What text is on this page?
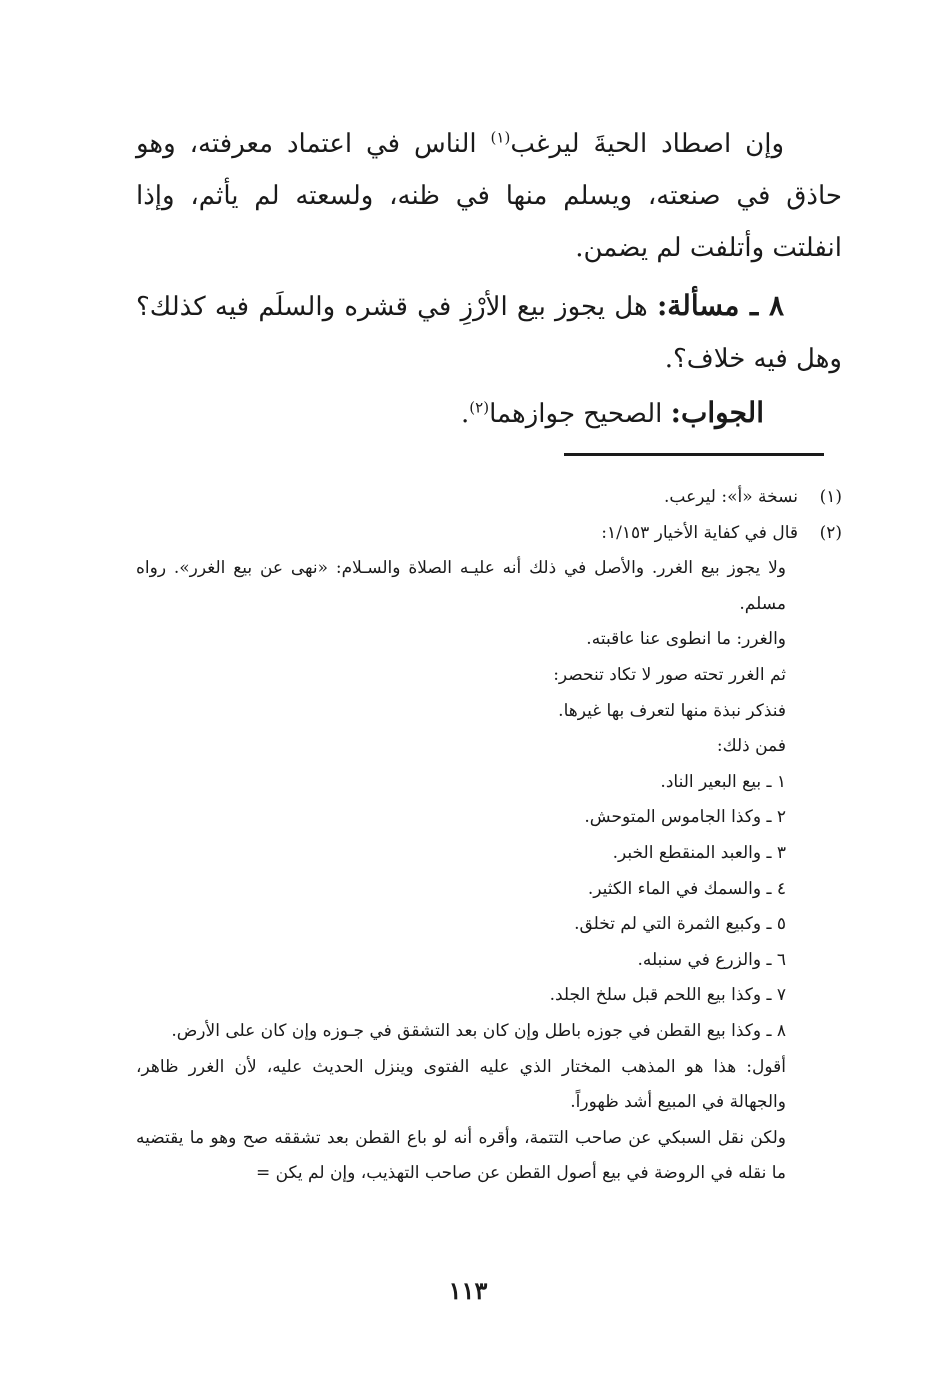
وإن اصطاد الحيةَ ليرغب$^{(١)}$ الناس في اعتماد معرفته، وهو حاذق في صنعته، ويسلم منها في ظنه، ولسعته لم يأثم، وإذا انفلتت وأتلفت لم يضمن.

٨ ـ مسألة: هل يجوز بيع الأرْزِ في قشره والسلَم فيه كذلك؟ وهل فيه خلاف؟.

الجواب: الصحيح جوازهما$^{(٢)}$.

(١)
نسخة «أ»: ليرعب.
(٢)
قال في كفاية الأخيار ١/١٥٣:
ولا يجوز بيع الغرر. والأصل في ذلك أنه عليـه الصلاة والسـلام: «نهى عن بيع الغرر». رواه مسلم.
والغرر: ما انطوى عنا عاقبته.
ثم الغرر تحته صور لا تكاد تنحصر:
فنذكر نبذة منها لتعرف بها غيرها.
فمن ذلك:
١ ـ بيع البعير الناد.
٢ ـ وكذا الجاموس المتوحش.
٣ ـ والعبد المنقطع الخبر.
٤ ـ والسمك في الماء الكثير.
٥ ـ وكبيع الثمرة التي لم تخلق.
٦ ـ والزرع في سنبله.
٧ ـ وكذا بيع اللحم قبل سلخ الجلد.
٨ ـ وكذا بيع القطن في جوزه باطل وإن كان بعد التشقق في جـوزه وإن كان على الأرض.
أقول: هذا هو المذهب المختار الذي عليه الفتوى وينزل الحديث عليه، لأن الغرر ظاهر، والجهالة في المبيع أشد ظهوراً.
ولكن نقل السبكي عن صاحب التتمة، وأقره أنه لو باع القطن بعد تشققه صح وهو ما يقتضيه ما نقله في الروضة في بيع أصول القطن عن صاحب التهذيب، وإن لم يكن =
١١٣
